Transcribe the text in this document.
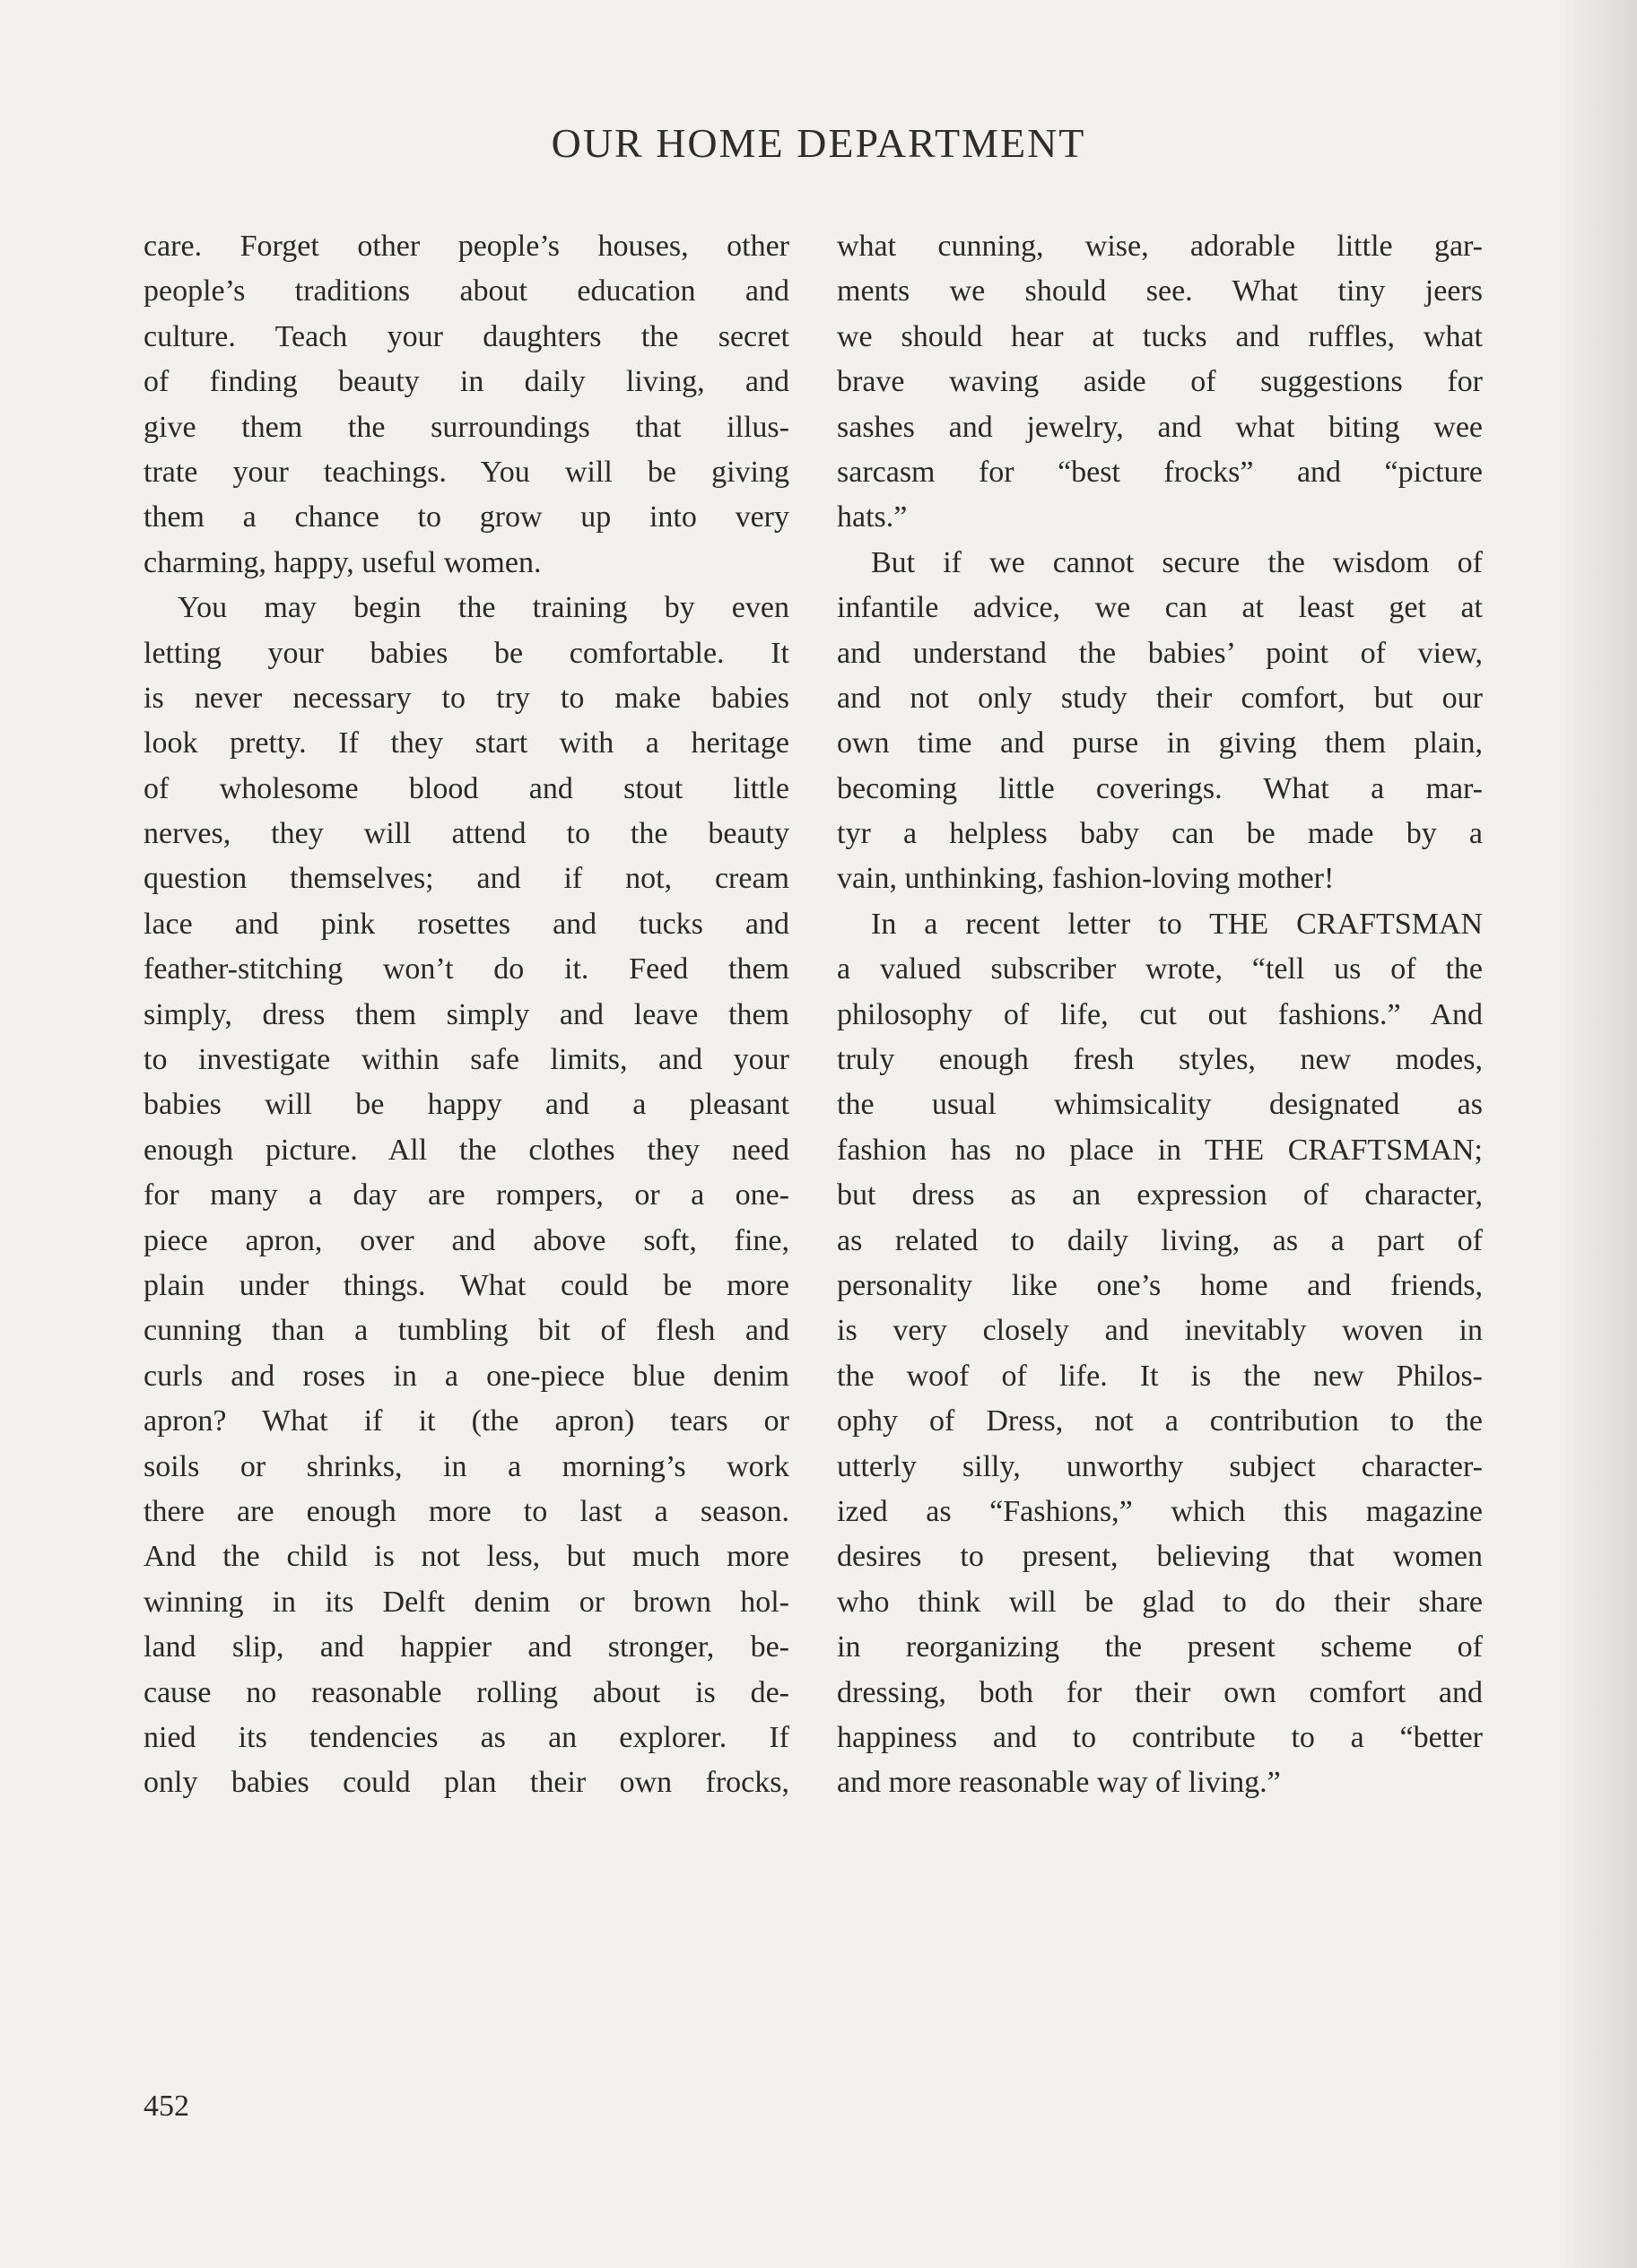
OUR HOME DEPARTMENT
care. Forget other people’s houses, other
people’s traditions about education and
culture. Teach your daughters the secret
of finding beauty in daily living, and
give them the surroundings that illus-
trate your teachings. You will be giving
them a chance to grow up into very
charming, happy, useful women.
You may begin the training by even
letting your babies be comfortable. It
is never necessary to try to make babies
look pretty. If they start with a heritage
of wholesome blood and stout little
nerves, they will attend to the beauty
question themselves; and if not, cream
lace and pink rosettes and tucks and
feather-stitching won’t do it. Feed them
simply, dress them simply and leave them
to investigate within safe limits, and your
babies will be happy and a pleasant
enough picture. All the clothes they need
for many a day are rompers, or a one-
piece apron, over and above soft, fine,
plain under things. What could be more
cunning than a tumbling bit of flesh and
curls and roses in a one-piece blue denim
apron? What if it (the apron) tears or
soils or shrinks, in a morning’s work
there are enough more to last a season.
And the child is not less, but much more
winning in its Delft denim or brown hol-
land slip, and happier and stronger, be-
cause no reasonable rolling about is de-
nied its tendencies as an explorer. If
only babies could plan their own frocks,
what cunning, wise, adorable little gar-
ments we should see. What tiny jeers
we should hear at tucks and ruffles, what
brave waving aside of suggestions for
sashes and jewelry, and what biting wee
sarcasm for “best frocks” and “picture
hats.”
But if we cannot secure the wisdom of
infantile advice, we can at least get at
and understand the babies’ point of view,
and not only study their comfort, but our
own time and purse in giving them plain,
becoming little coverings. What a mar-
tyr a helpless baby can be made by a
vain, unthinking, fashion-loving mother!
In a recent letter to THE CRAFTSMAN
a valued subscriber wrote, “tell us of the
philosophy of life, cut out fashions.” And
truly enough fresh styles, new modes,
the usual whimsicality designated as
fashion has no place in THE CRAFTSMAN;
but dress as an expression of character,
as related to daily living, as a part of
personality like one’s home and friends,
is very closely and inevitably woven in
the woof of life. It is the new Philos-
ophy of Dress, not a contribution to the
utterly silly, unworthy subject character-
ized as “Fashions,” which this magazine
desires to present, believing that women
who think will be glad to do their share
in reorganizing the present scheme of
dressing, both for their own comfort and
happiness and to contribute to a “better
and more reasonable way of living.”
452
